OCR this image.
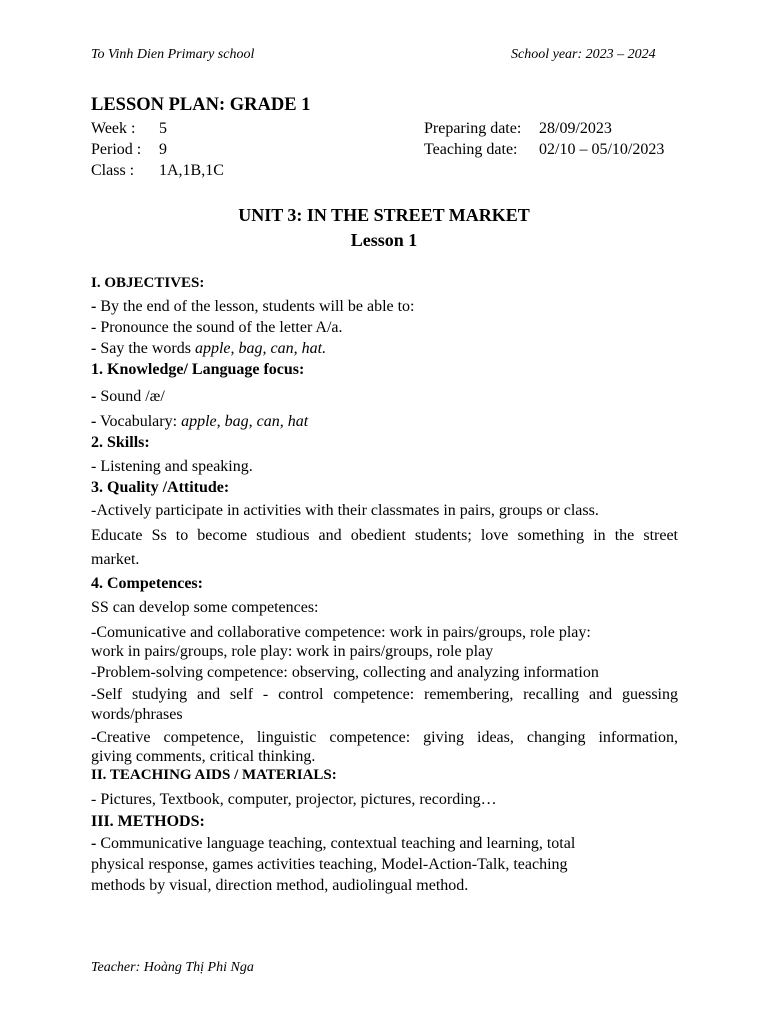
To Vinh Dien Primary school	School year: 2023 – 2024
LESSON PLAN: GRADE 1
Week : 5
Period : 9
Class : 1A,1B,1C
Preparing date: 28/09/2023
Teaching date: 02/10 – 05/10/2023
UNIT 3: IN THE STREET MARKET
Lesson 1
I. OBJECTIVES:
- By the end of the lesson, students will be able to:
- Pronounce the sound of the letter A/a.
- Say the words apple, bag, can, hat.
1. Knowledge/ Language focus:
- Sound /æ/
- Vocabulary: apple, bag, can, hat
2. Skills:
- Listening and speaking.
3. Quality /Attitude:
-Actively participate in activities with their classmates in pairs, groups or class.
Educate Ss to become studious and obedient students; love something in the street
market.
4. Competences:
SS can develop some competences:
-Comunicative and collaborative competence: work in pairs/groups, role play:
work in pairs/groups, role play: work in pairs/groups, role play
-Problem-solving competence: observing, collecting and analyzing information
-Self studying and self - control competence: remembering, recalling and guessing
words/phrases
-Creative competence, linguistic competence: giving ideas, changing information,
giving comments, critical thinking.
II. TEACHING AIDS / MATERIALS:
- Pictures, Textbook, computer, projector, pictures, recording…
III. METHODS:
- Communicative language teaching, contextual teaching and learning, total
physical response, games activities teaching, Model-Action-Talk, teaching
methods by visual, direction method, audiolingual method.
Teacher: Hoàng Thị Phi Nga
